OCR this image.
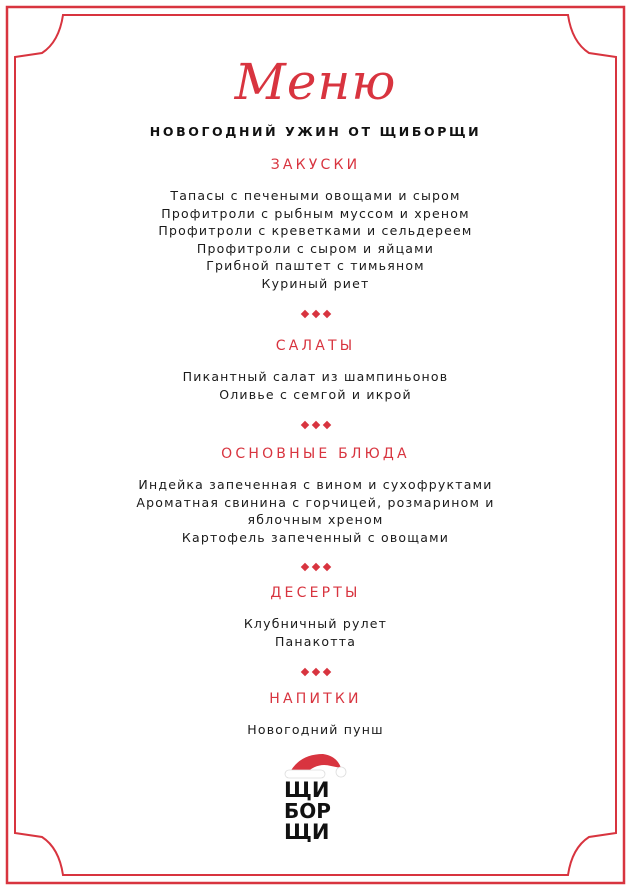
Меню
НОВОГОДНИЙ УЖИН ОТ ЩИБОРЩИ
ЗАКУСКИ
Тапасы с печеными овощами и сыром
Профитроли с рыбным муссом и хреном
Профитроли с креветками и сельдереем
Профитроли с сыром и яйцами
Грибной паштет с тимьяном
Куриный риет
САЛАТЫ
Пикантный салат из шампиньонов
Оливье с семгой и икрой
ОСНОВНЫЕ БЛЮДА
Индейка запеченная с вином и сухофруктами
Ароматная свинина с горчицей, розмарином и
яблочным хреном
Картофель запеченный с овощами
ДЕСЕРТЫ
Клубничный рулет
Панакотта
НАПИТКИ
Новогодний пунш
ЩИ
БОР
ЩИ
